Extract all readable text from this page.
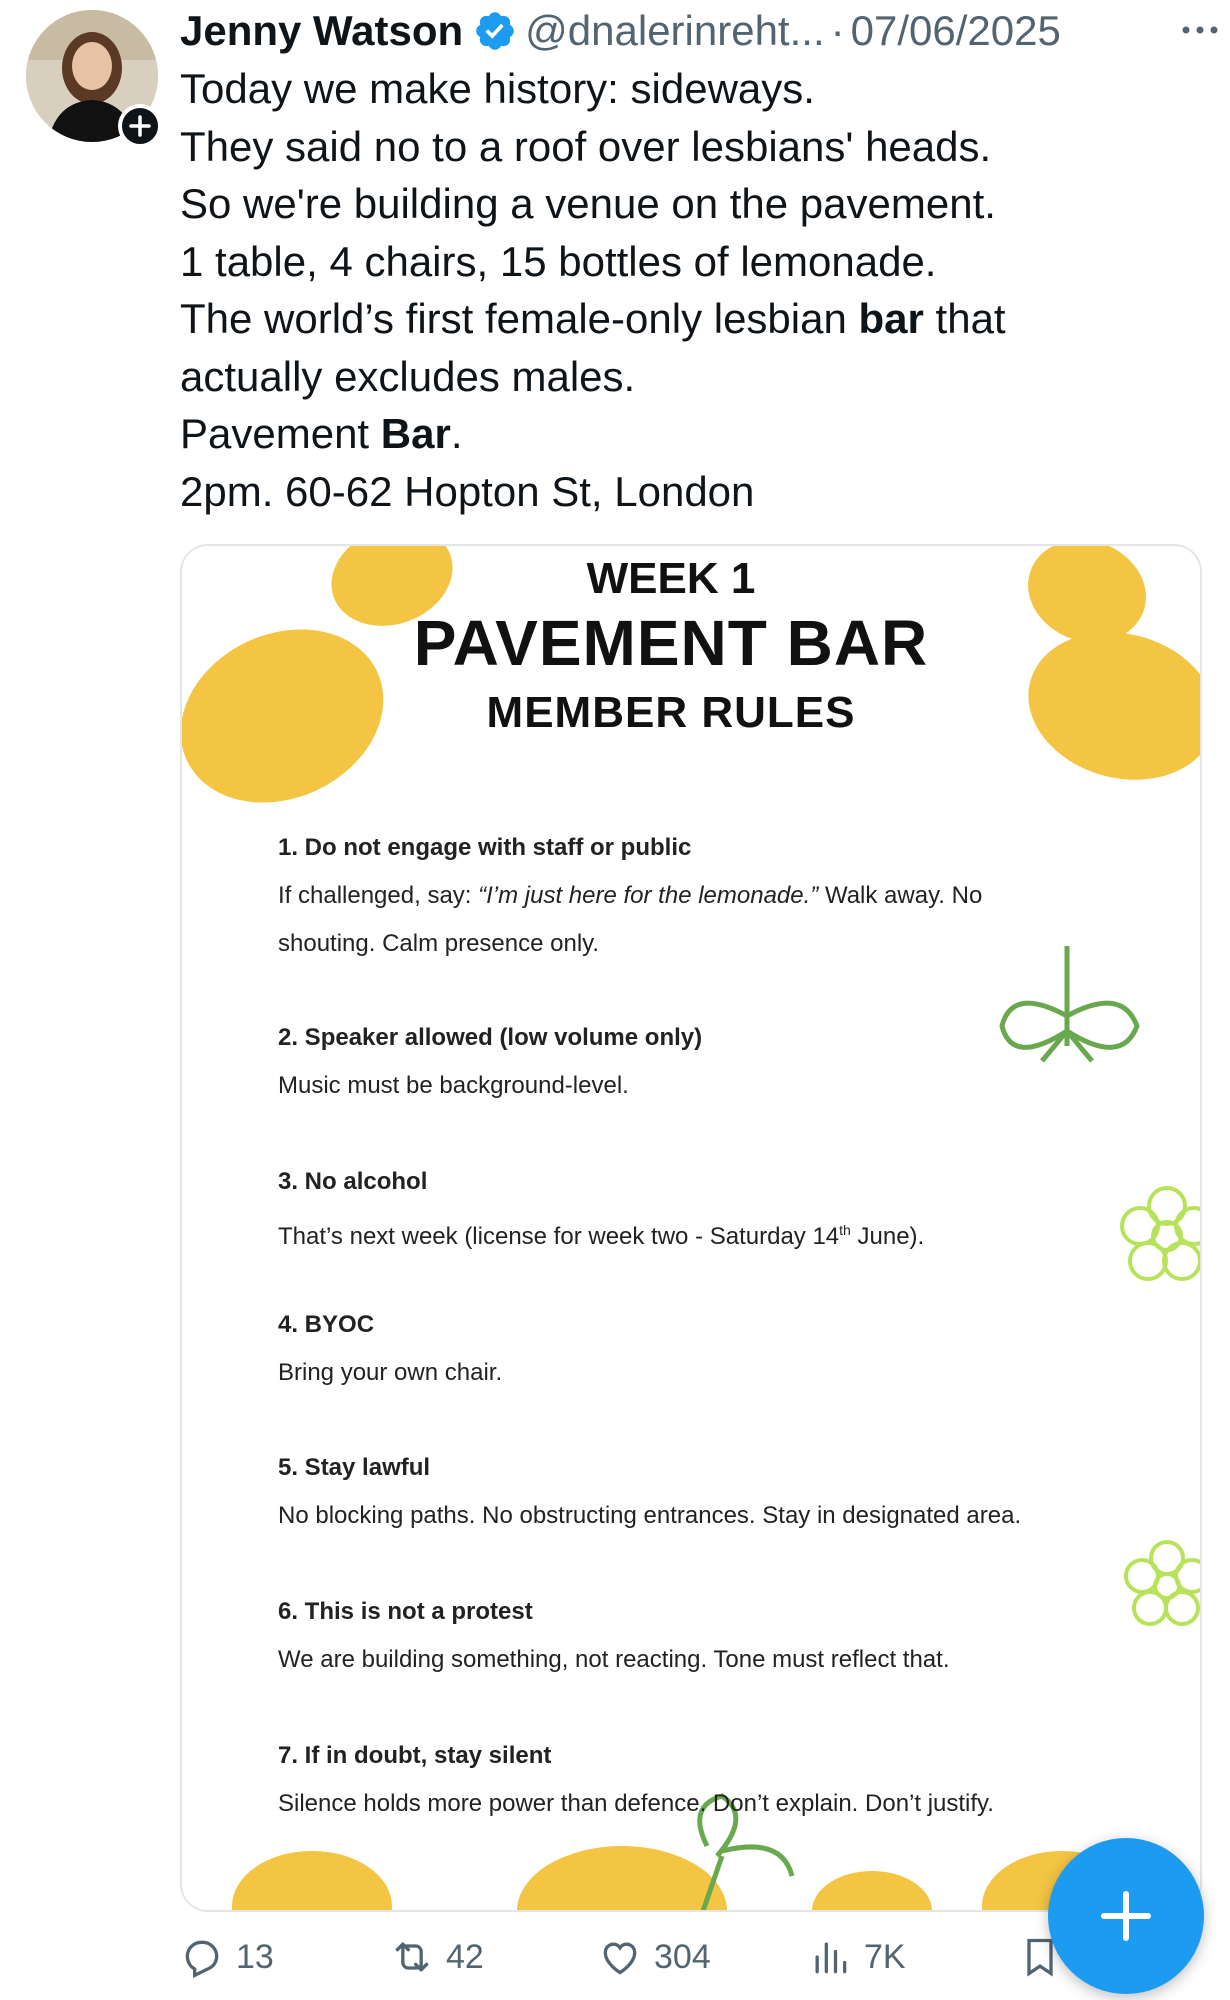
Jenny Watson @dnalerinreht... · 07/06/2025
Today we make history: sideways.
They said no to a roof over lesbians' heads.
So we're building a venue on the pavement.
1 table, 4 chairs, 15 bottles of lemonade.
The world’s first female-only lesbian bar that
actually excludes males.
Pavement Bar.
2pm. 60-62 Hopton St, London
WEEK 1
PAVEMENT BAR
MEMBER RULES
1. Do not engage with staff or public
If challenged, say: “I’m just here for the lemonade.” Walk away. No
shouting. Calm presence only.
2. Speaker allowed (low volume only)
Music must be background-level.
3. No alcohol
That’s next week (license for week two - Saturday 14th June).
4. BYOC
Bring your own chair.
5. Stay lawful
No blocking paths. No obstructing entrances. Stay in designated area.
6. This is not a protest
We are building something, not reacting. Tone must reflect that.
7. If in doubt, stay silent
Silence holds more power than defence. Don’t explain. Don’t justify.
13	42	304	7K
